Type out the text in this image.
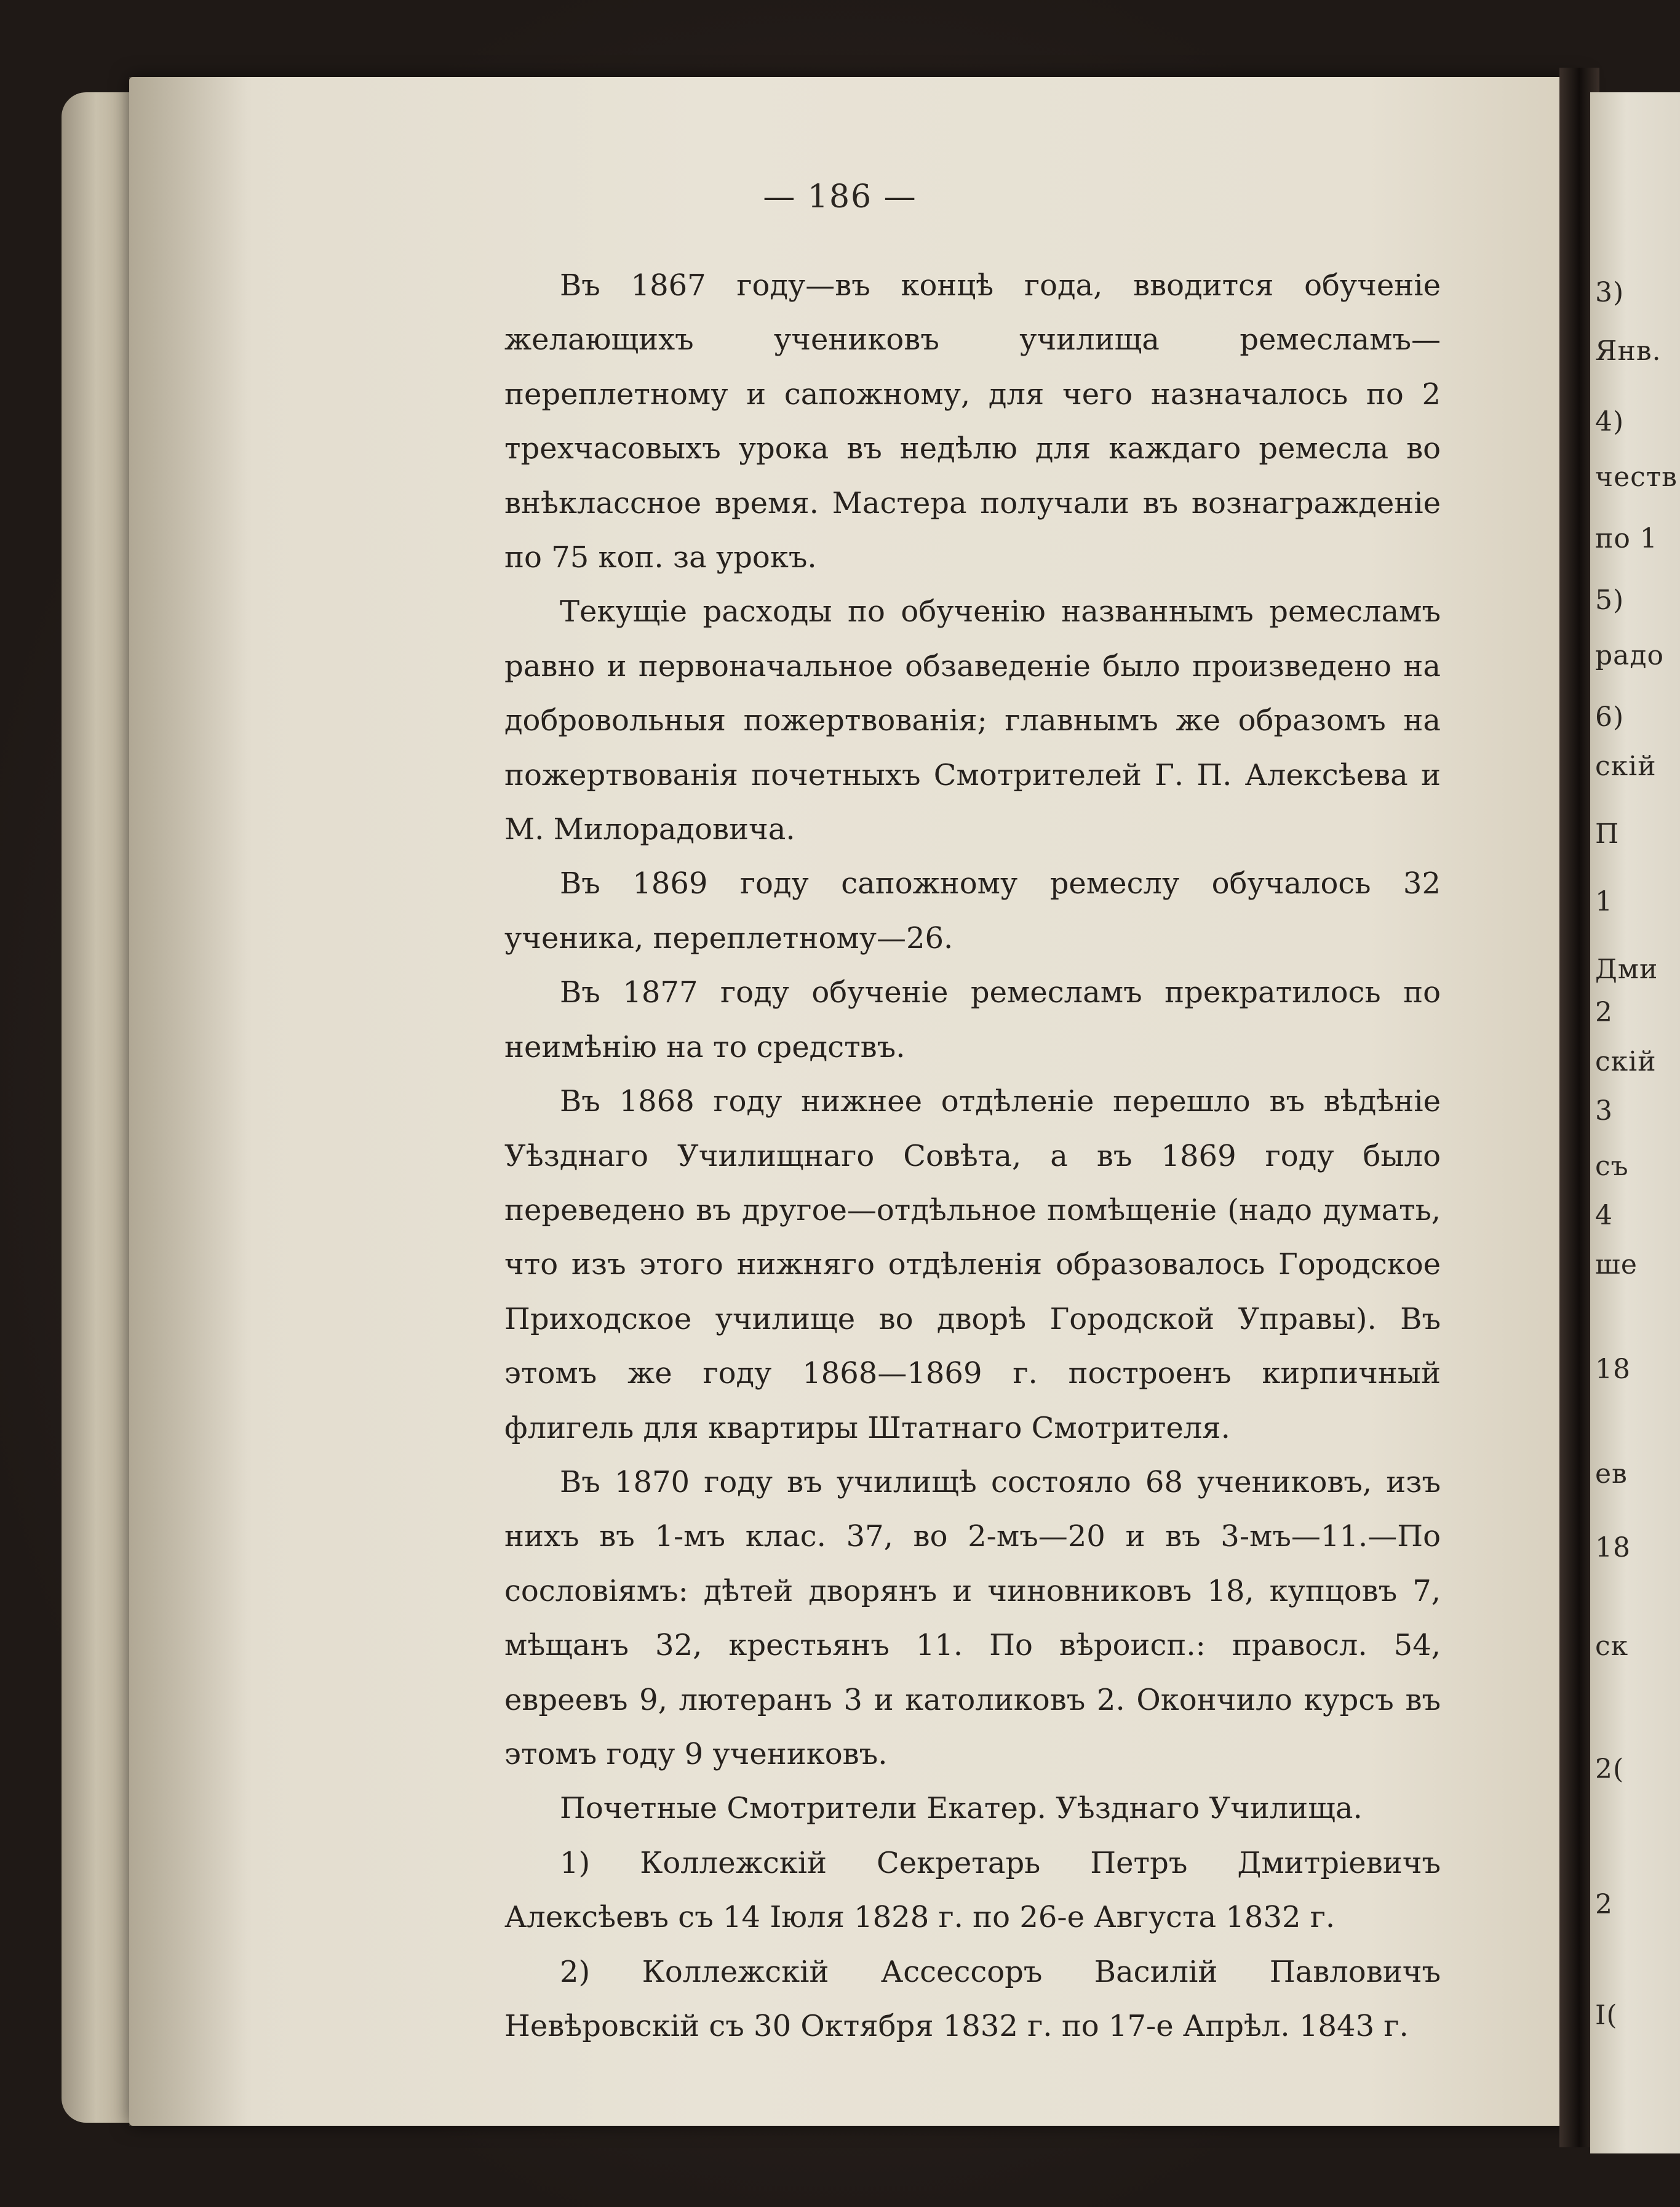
3)
Янв.
4)
честв
по 1
5)
радо
6)
скій
П
1
Дми
2
скій
3
съ
4
ше
18
ев
18
ск
2(
2
I(
— 186 —

Въ 1867 году—въ концѣ года, вводится обученіе желающихъ учениковъ училища ремесламъ—переплетному и сапожному, для чего назначалось по 2 трехчасовыхъ урока въ недѣлю для каждаго ремесла во внѣклассное время. Мастера получали въ вознагражденіе по 75 коп. за урокъ.

Текущіе расходы по обученію названнымъ ремесламъ равно и первоначальное обзаведеніе было произведено на добровольныя пожертвованія; главнымъ же образомъ на пожертвованія почетныхъ Смотрителей Г. П. Алексѣева и М. Милорадовича.

Въ 1869 году сапожному ремеслу обучалось 32 ученика, переплетному—26.

Въ 1877 году обученіе ремесламъ прекратилось по неимѣнію на то средствъ.

Въ 1868 году нижнее отдѣленіе перешло въ вѣдѣніе Уѣзднаго Училищнаго Совѣта, а въ 1869 году было переведено въ другое—отдѣльное помѣщеніе (надо думать, что изъ этого нижняго отдѣленія образовалось Городское Приходское училище во дворѣ Городской Управы). Въ этомъ же году 1868—1869 г. построенъ кирпичный флигель для квартиры Штатнаго Смотрителя.

Въ 1870 году въ училищѣ состояло 68 учениковъ, изъ нихъ въ 1-мъ клас. 37, во 2-мъ—20 и въ 3-мъ—11.—По сословіямъ: дѣтей дворянъ и чиновниковъ 18, купцовъ 7, мѣщанъ 32, крестьянъ 11. По вѣроисп.: правосл. 54, евреевъ 9, лютеранъ 3 и католиковъ 2. Окончило курсъ въ этомъ году 9 учениковъ.

Почетные Смотрители Екатер. Уѣзднаго Училища.

1) Коллежскій Секретарь Петръ Дмитріевичъ Алексѣевъ съ 14 Іюля 1828 г. по 26-е Августа 1832 г.

2) Коллежскій Ассессоръ Василій Павловичъ Невѣровскій съ 30 Октября 1832 г. по 17-е Апрѣл. 1843 г.
